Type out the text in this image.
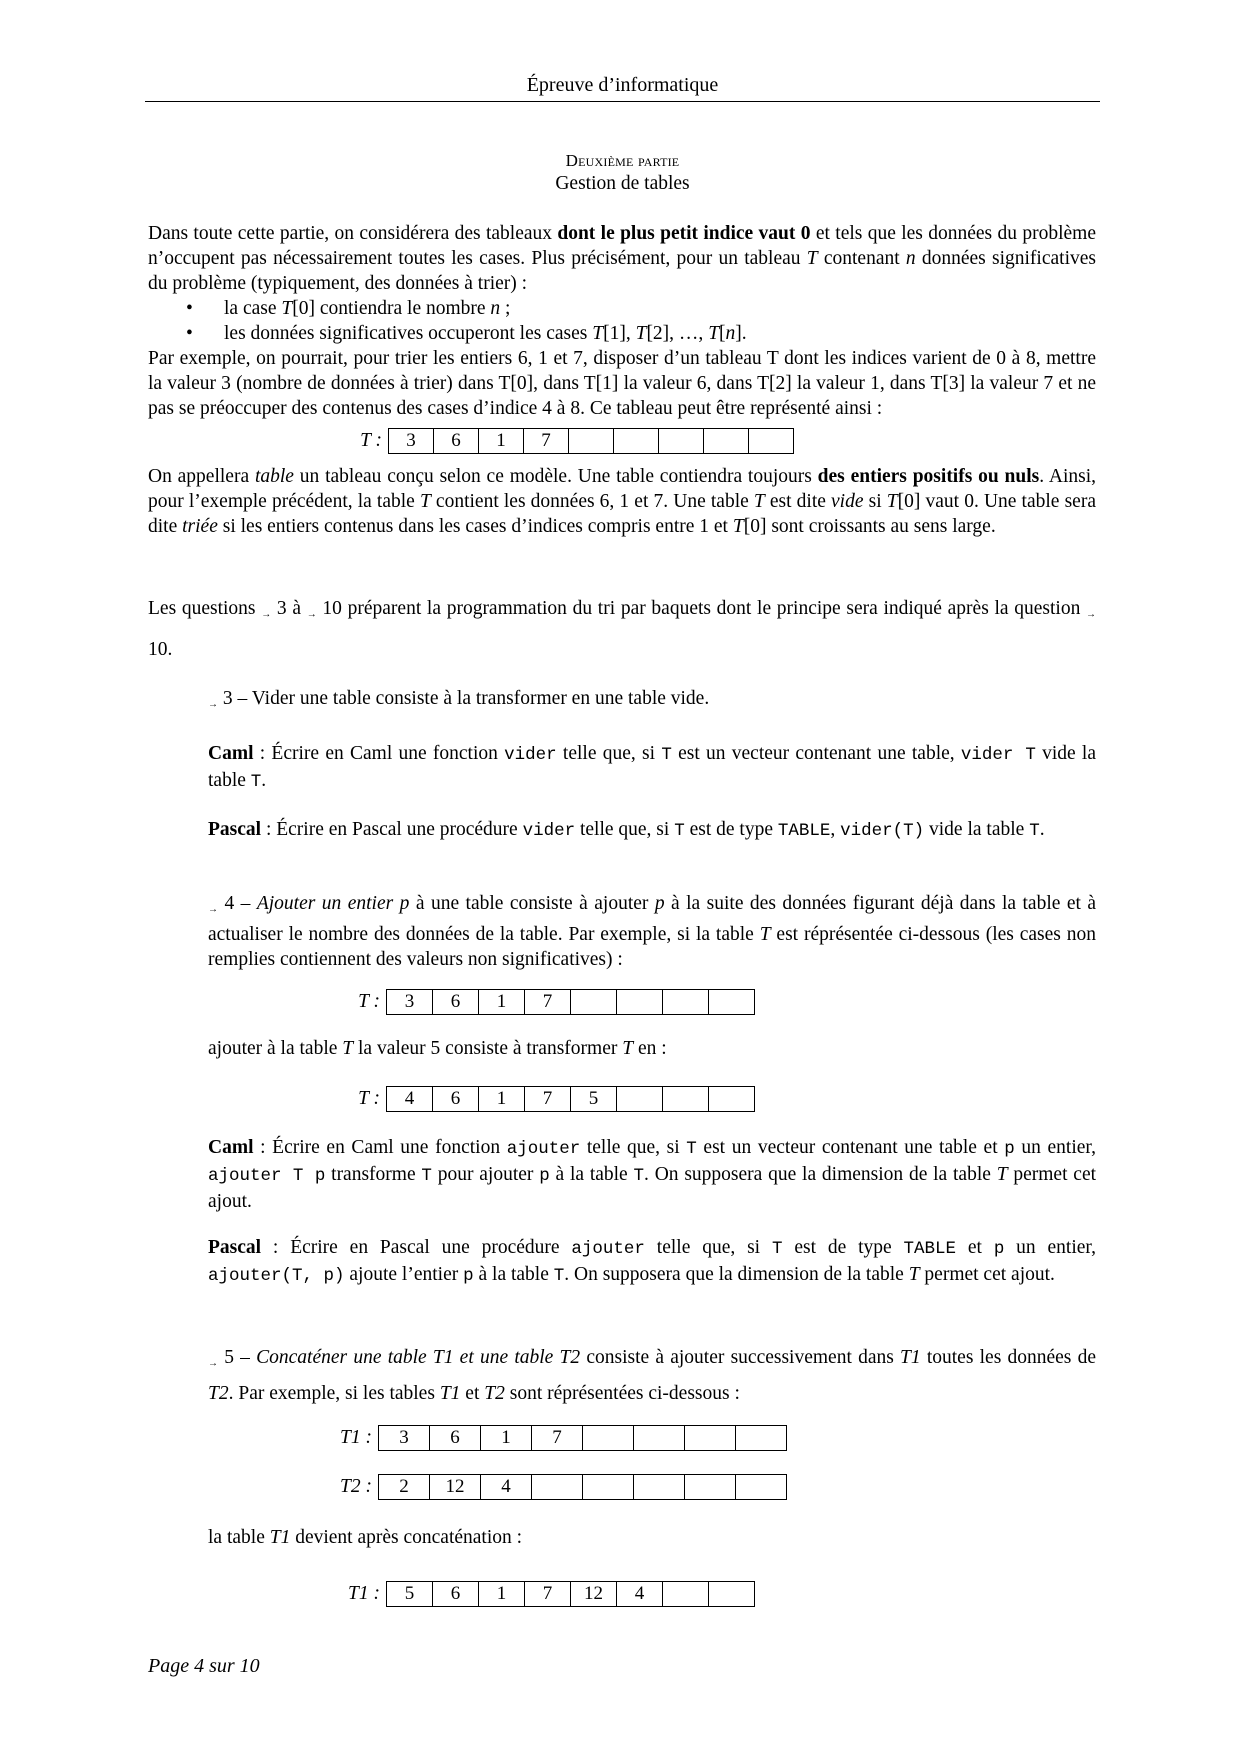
Épreuve d’informatique
Deuxième partie
Gestion de tables

Dans toute cette partie, on considérera des tableaux dont le plus petit indice vaut 0 et tels que les données du problème n’occupent pas nécessairement toutes les cases. Plus précisément, pour un tableau T contenant n données significatives du problème (typiquement, des données à trier) :

• la case T[0] contiendra le nombre n ;
• les données significatives occuperont les cases T[1], T[2], …, T[n].

Par exemple, on pourrait, pour trier les entiers 6, 1 et 7, disposer d’un tableau T dont les indices varient de 0 à 8, mettre la valeur 3 (nombre de données à trier) dans T[0], dans T[1] la valeur 6, dans T[2] la valeur 1, dans T[3] la valeur 7 et ne pas se préoccuper des contenus des cases d’indice 4 à 8. Ce tableau peut être représenté ainsi :

T :	3	6	1	7
On appellera table un tableau conçu selon ce modèle. Une table contiendra toujours des entiers positifs ou nuls. Ainsi, pour l’exemple précédent, la table T contient les données 6, 1 et 7. Une table T est dite vide si T[0] vaut 0. Une table sera dite triée si les entiers contenus dans les cases d’indices compris entre 1 et T[0] sont croissants au sens large.
Les questions → 3 à → 10 préparent la programmation du tri par baquets dont le principe sera indiqué après la question → 10.

→ 3 – Vider une table consiste à la transformer en une table vide.

Caml : Écrire en Caml une fonction vider telle que, si T est un vecteur contenant une table, vider T vide la table T.
Pascal : Écrire en Pascal une procédure vider telle que, si T est de type TABLE, vider(T) vide la table T.
→ 4 – Ajouter un entier p à une table consiste à ajouter p à la suite des données figurant déjà dans la table et à actualiser le nombre des données de la table. Par exemple, si la table T est réprésentée ci-dessous (les cases non remplies contiennent des valeurs non significatives) :
T :	3	6	1	7
ajouter à la table T la valeur 5 consiste à transformer T en :
T :	4	6	1	7	5
Caml : Écrire en Caml une fonction ajouter telle que, si T est un vecteur contenant une table et p un entier, ajouter T p transforme T pour ajouter p à la table T. On supposera que la dimension de la table T permet cet ajout.
Pascal : Écrire en Pascal une procédure ajouter telle que, si T est de type TABLE et p un entier, ajouter(T, p) ajoute l’entier p à la table T. On supposera que la dimension de la table T permet cet ajout.
→ 5 – Concaténer une table T1 et une table T2 consiste à ajouter successivement dans T1 toutes les données de T2. Par exemple, si les tables T1 et T2 sont réprésentées ci-dessous :
T1 :	3	6	1	7
T2 :	2	12	4
la table T1 devient après concaténation :
T1 :	5	6	1	7	12	4
Page 4 sur 10
